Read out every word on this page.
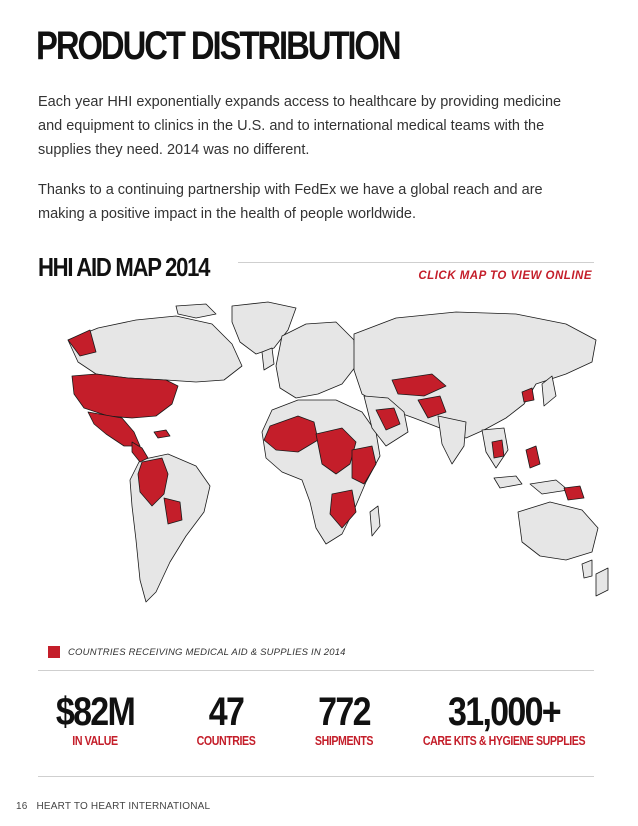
PRODUCT DISTRIBUTION
Each year HHI exponentially expands access to healthcare by providing medicine and equipment to clinics in the U.S. and to international medical teams with the supplies they need. 2014 was no different.
Thanks to a continuing partnership with FedEx we have a global reach and are making a positive impact in the health of people worldwide.
HHI AID MAP 2014	CLICK MAP TO VIEW ONLINE
COUNTRIES RECEIVING MEDICAL AID & SUPPLIES IN 2014
$82M
IN VALUE
47
COUNTRIES
772
SHIPMENTS
31,000+
CARE KITS & HYGIENE SUPPLIES
16 HEART TO HEART INTERNATIONAL
